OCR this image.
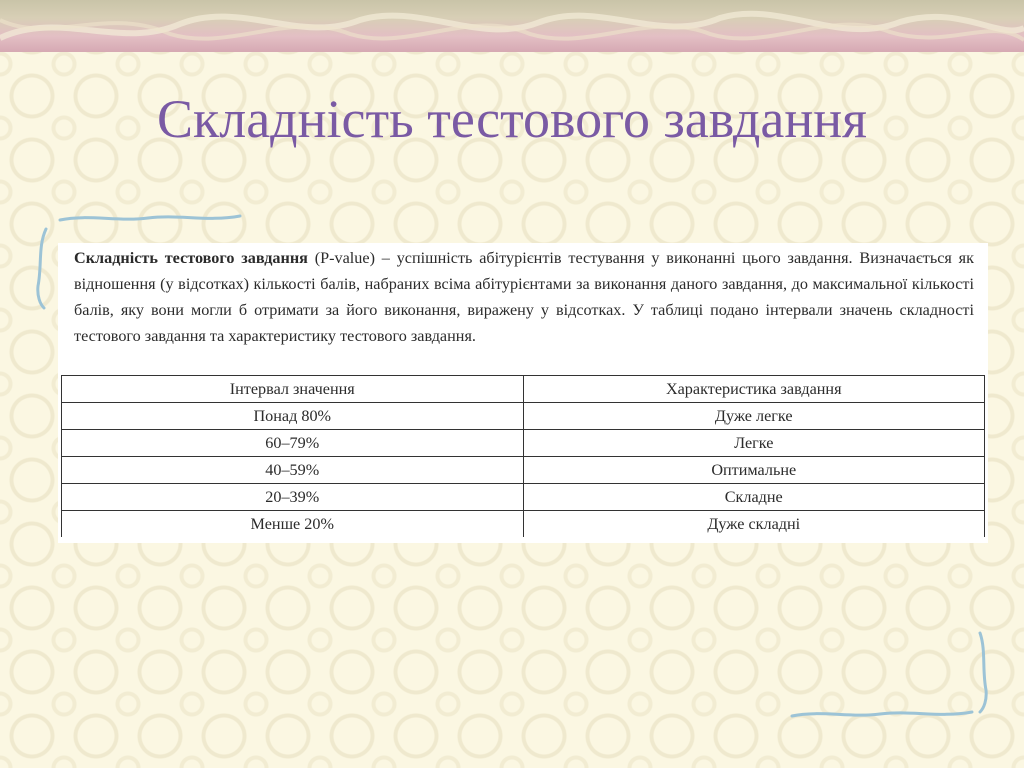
Складність тестового завдання

Складність тестового завдання (P-value) – успішність абітурієнтів тестування у виконанні цього завдання. Визначається як відношення (у відсотках) кількості балів, набраних всіма абітурієнтами за виконання даного завдання, до максимальної кількості балів, яку вони могли б отримати за його виконання, виражену у відсотках. У таблиці подано інтервали значень складності тестового завдання та характеристику тестового завдання.

Інтервал значення	Характеристика завдання
Понад 80%	Дуже легке
60–79%	Легке
40–59%	Оптимальне
20–39%	Складне
Менше 20%	Дуже складні
